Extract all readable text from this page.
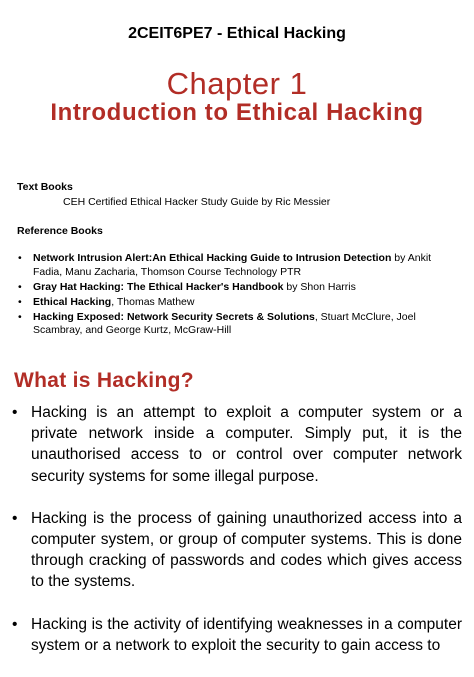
2CEIT6PE7 - Ethical Hacking
Chapter 1
Introduction to Ethical Hacking
Text Books
CEH Certified Ethical Hacker Study Guide by Ric Messier
Reference Books
• Network Intrusion Alert:An Ethical Hacking Guide to Intrusion Detection by Ankit Fadia, Manu Zacharia, Thomson Course Technology PTR
• Gray Hat Hacking: The Ethical Hacker's Handbook by Shon Harris
• Ethical Hacking, Thomas Mathew
• Hacking Exposed: Network Security Secrets & Solutions, Stuart McClure, Joel Scambray, and George Kurtz, McGraw-Hill
What is Hacking?
• Hacking is an attempt to exploit a computer system or a private network inside a computer. Simply put, it is the unauthorised access to or control over computer network security systems for some illegal purpose.
• Hacking is the process of gaining unauthorized access into a computer system, or group of computer systems. This is done through cracking of passwords and codes which gives access to the systems.
• Hacking is the activity of identifying weaknesses in a computer system or a network to exploit the security to gain access to
